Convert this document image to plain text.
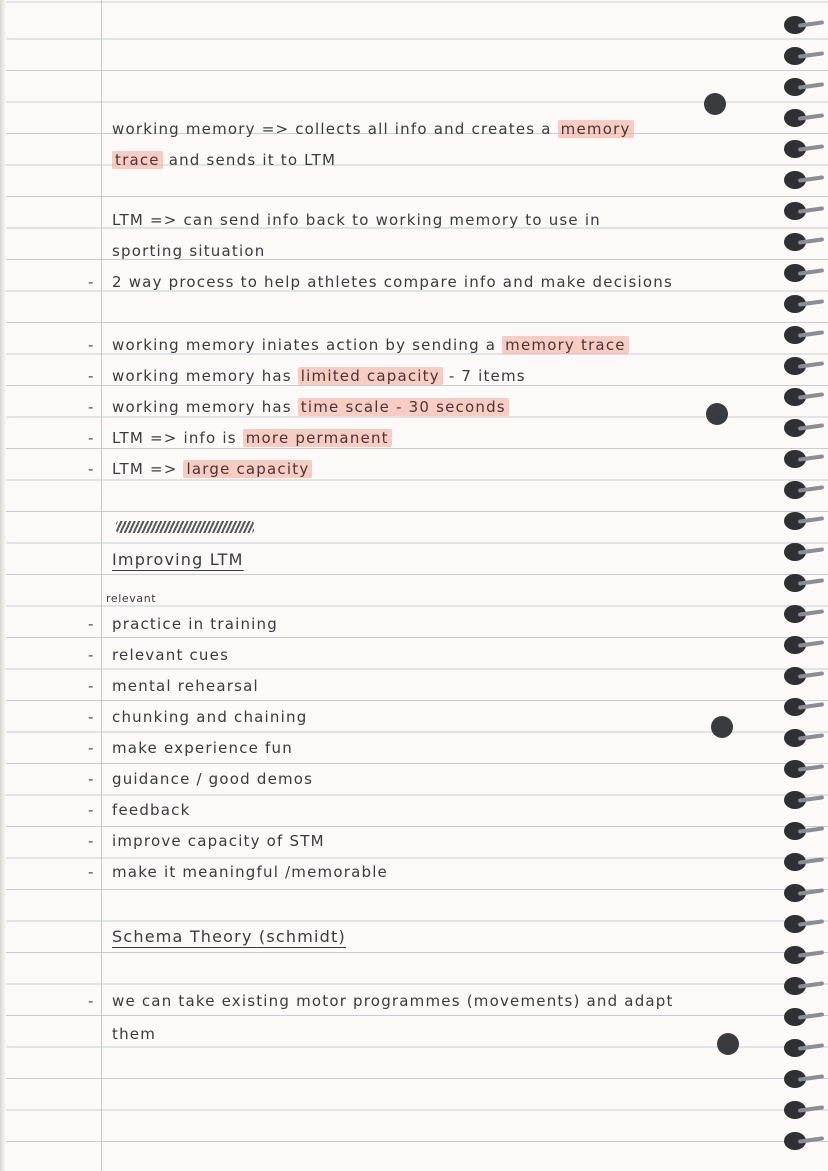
working memory => collects all info and creates a memory
trace and sends it to LTM
LTM => can send info back to working memory to use in
sporting situation
- 2 way process to help athletes compare info and make decisions
- working memory iniates action by sending a memory trace
- working memory has limited capacity - 7 items
- working memory has time scale - 30 seconds
- LTM => info is more permanent
- LTM => large capacity
Improving LTM
relevant
- practice in training
- relevant cues
- mental rehearsal
- chunking and chaining
- make experience fun
- guidance / good demos
- feedback
- improve capacity of STM
- make it meaningful /memorable
Schema Theory (schmidt)
- we can take existing motor programmes (movements) and adapt
them
